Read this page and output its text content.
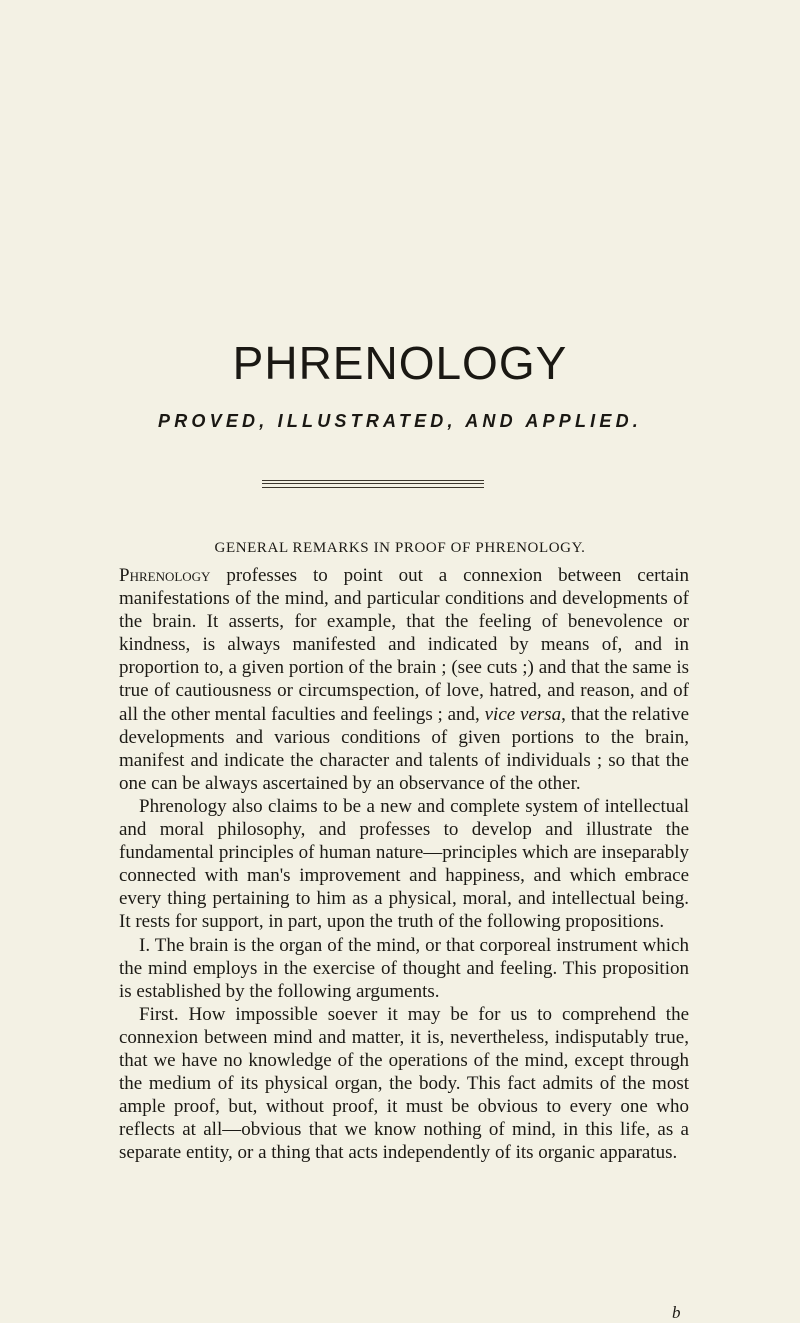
PHRENOLOGY
PROVED, ILLUSTRATED, AND APPLIED.
GENERAL REMARKS IN PROOF OF PHRENOLOGY.

Phrenology professes to point out a connexion between certain manifestations of the mind, and particular conditions and developments of the brain. It asserts, for example, that the feeling of benevolence or kindness, is always manifested and indicated by means of, and in proportion to, a given portion of the brain ; (see cuts ;) and that the same is true of cautiousness or circumspection, of love, hatred, and reason, and of all the other mental faculties and feelings ; and, vice versa, that the relative developments and various conditions of given portions to the brain, manifest and indicate the character and talents of individuals ; so that the one can be always ascertained by an observance of the other.

Phrenology also claims to be a new and complete system of intellectual and moral philosophy, and professes to develop and illustrate the fundamental principles of human nature—principles which are inseparably connected with man's improvement and happiness, and which embrace every thing pertaining to him as a physical, moral, and intellectual being. It rests for support, in part, upon the truth of the following propositions.

I. The brain is the organ of the mind, or that corporeal instrument which the mind employs in the exercise of thought and feeling. This proposition is established by the following arguments.

First. How impossible soever it may be for us to comprehend the connexion between mind and matter, it is, nevertheless, indisputably true, that we have no knowledge of the operations of the mind, except through the medium of its physical organ, the body. This fact admits of the most ample proof, but, without proof, it must be obvious to every one who reflects at all—obvious that we know nothing of mind, in this life, as a separate entity, or a thing that acts independently of its organic apparatus.

b
